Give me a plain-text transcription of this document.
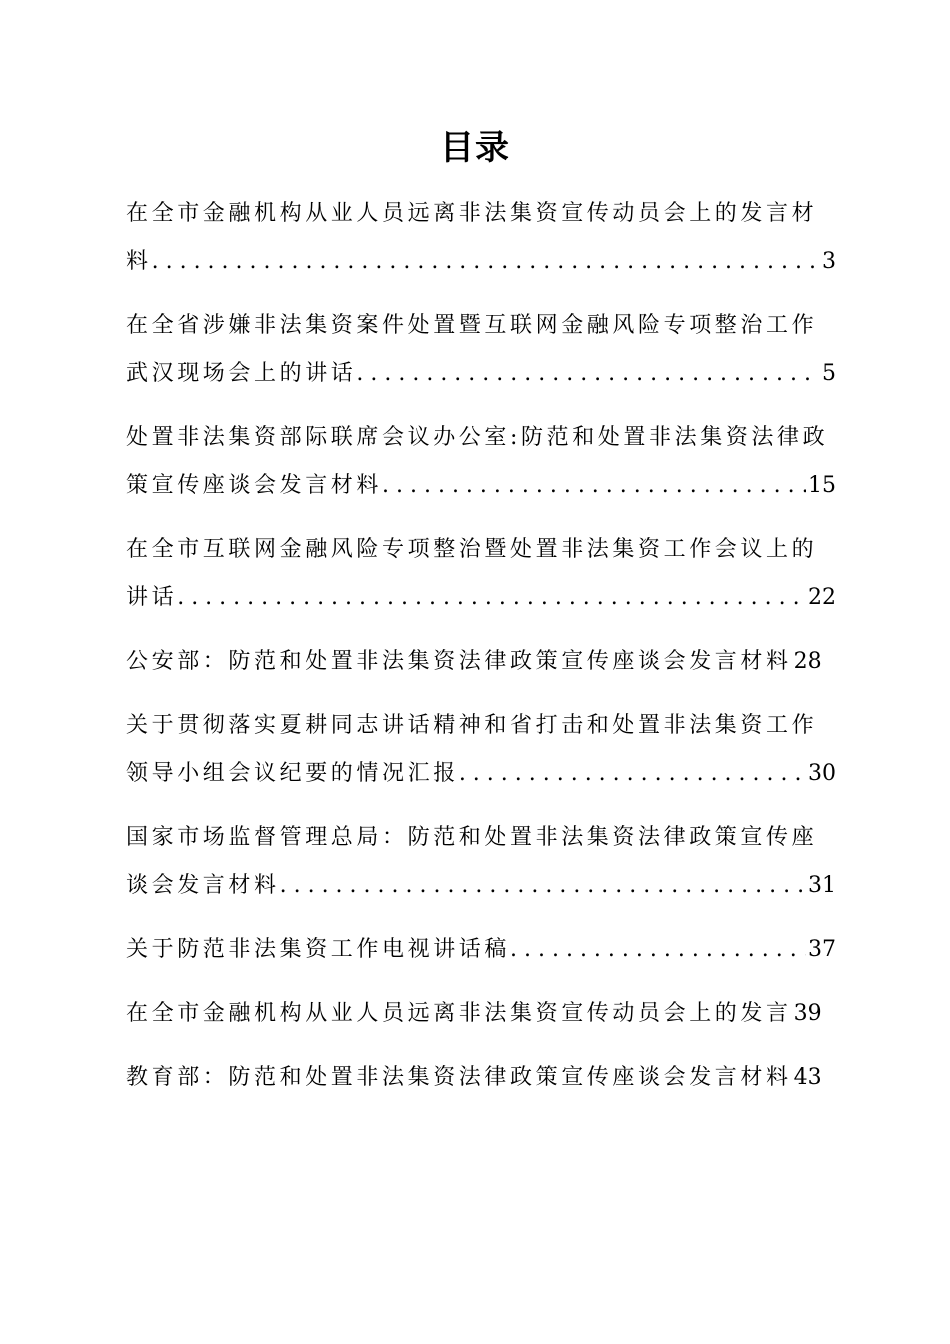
目录
在全市金融机构从业人员远离非法集资宣传动员会上的发言材
料 . . .	3
在全省涉嫌非法集资案件处置暨互联网金融风险专项整治工作
武汉现场会上的讲话 . . .	5
处置非法集资部际联席会议办公室:防范和处置非法集资法律政
策宣传座谈会发言材料 . . .	15
在全市互联网金融风险专项整治暨处置非法集资工作会议上的
讲话 . . .	22
公安部：防范和处置非法集资法律政策宣传座谈会发言材料 28
关于贯彻落实夏耕同志讲话精神和省打击和处置非法集资工作
领导小组会议纪要的情况汇报 . . .	30
国家市场监督管理总局：防范和处置非法集资法律政策宣传座
谈会发言材料 . . .	31
关于防范非法集资工作电视讲话稿 . . .	37
在全市金融机构从业人员远离非法集资宣传动员会上的发言 39
教育部：防范和处置非法集资法律政策宣传座谈会发言材料 43
